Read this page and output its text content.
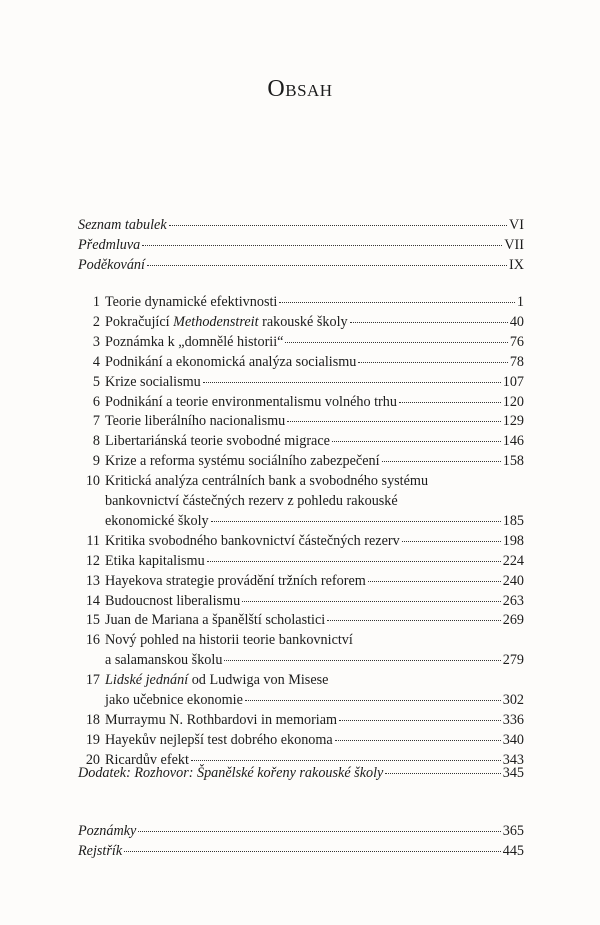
Obsah
Seznam tabulek	VI
Předmluva	VII
Poděkování	IX
1 Teorie dynamické efektivnosti	1
2 Pokračující Methodenstreit rakouské školy	40
3 Poznámka k „domnělé historii“	76
4 Podnikání a ekonomická analýza socialismu	78
5 Krize socialismu	107
6 Podnikání a teorie environmentalismu volného trhu	120
7 Teorie liberálního nacionalismu	129
8 Libertariánská teorie svobodné migrace	146
9 Krize a reforma systému sociálního zabezpečení	158
10 Kritická analýza centrálních bank a svobodného systému
bankovnictví částečných rezerv z pohledu rakouské
ekonomické školy	185
11 Kritika svobodného bankovnictví částečných rezerv	198
12 Etika kapitalismu	224
13 Hayekova strategie provádění tržních reforem	240
14 Budoucnost liberalismu	263
15 Juan de Mariana a španělští scholastici	269
16 Nový pohled na historii teorie bankovnictví
a salamanskou školu	279
17 Lidské jednání od Ludwiga von Misese
jako učebnice ekonomie	302
18 Murraymu N. Rothbardovi in memoriam	336
19 Hayekův nejlepší test dobrého ekonoma	340
20 Ricardův efekt	343
Dodatek: Rozhovor: Španělské kořeny rakouské školy	345
Poznámky	365
Rejstřík	445
